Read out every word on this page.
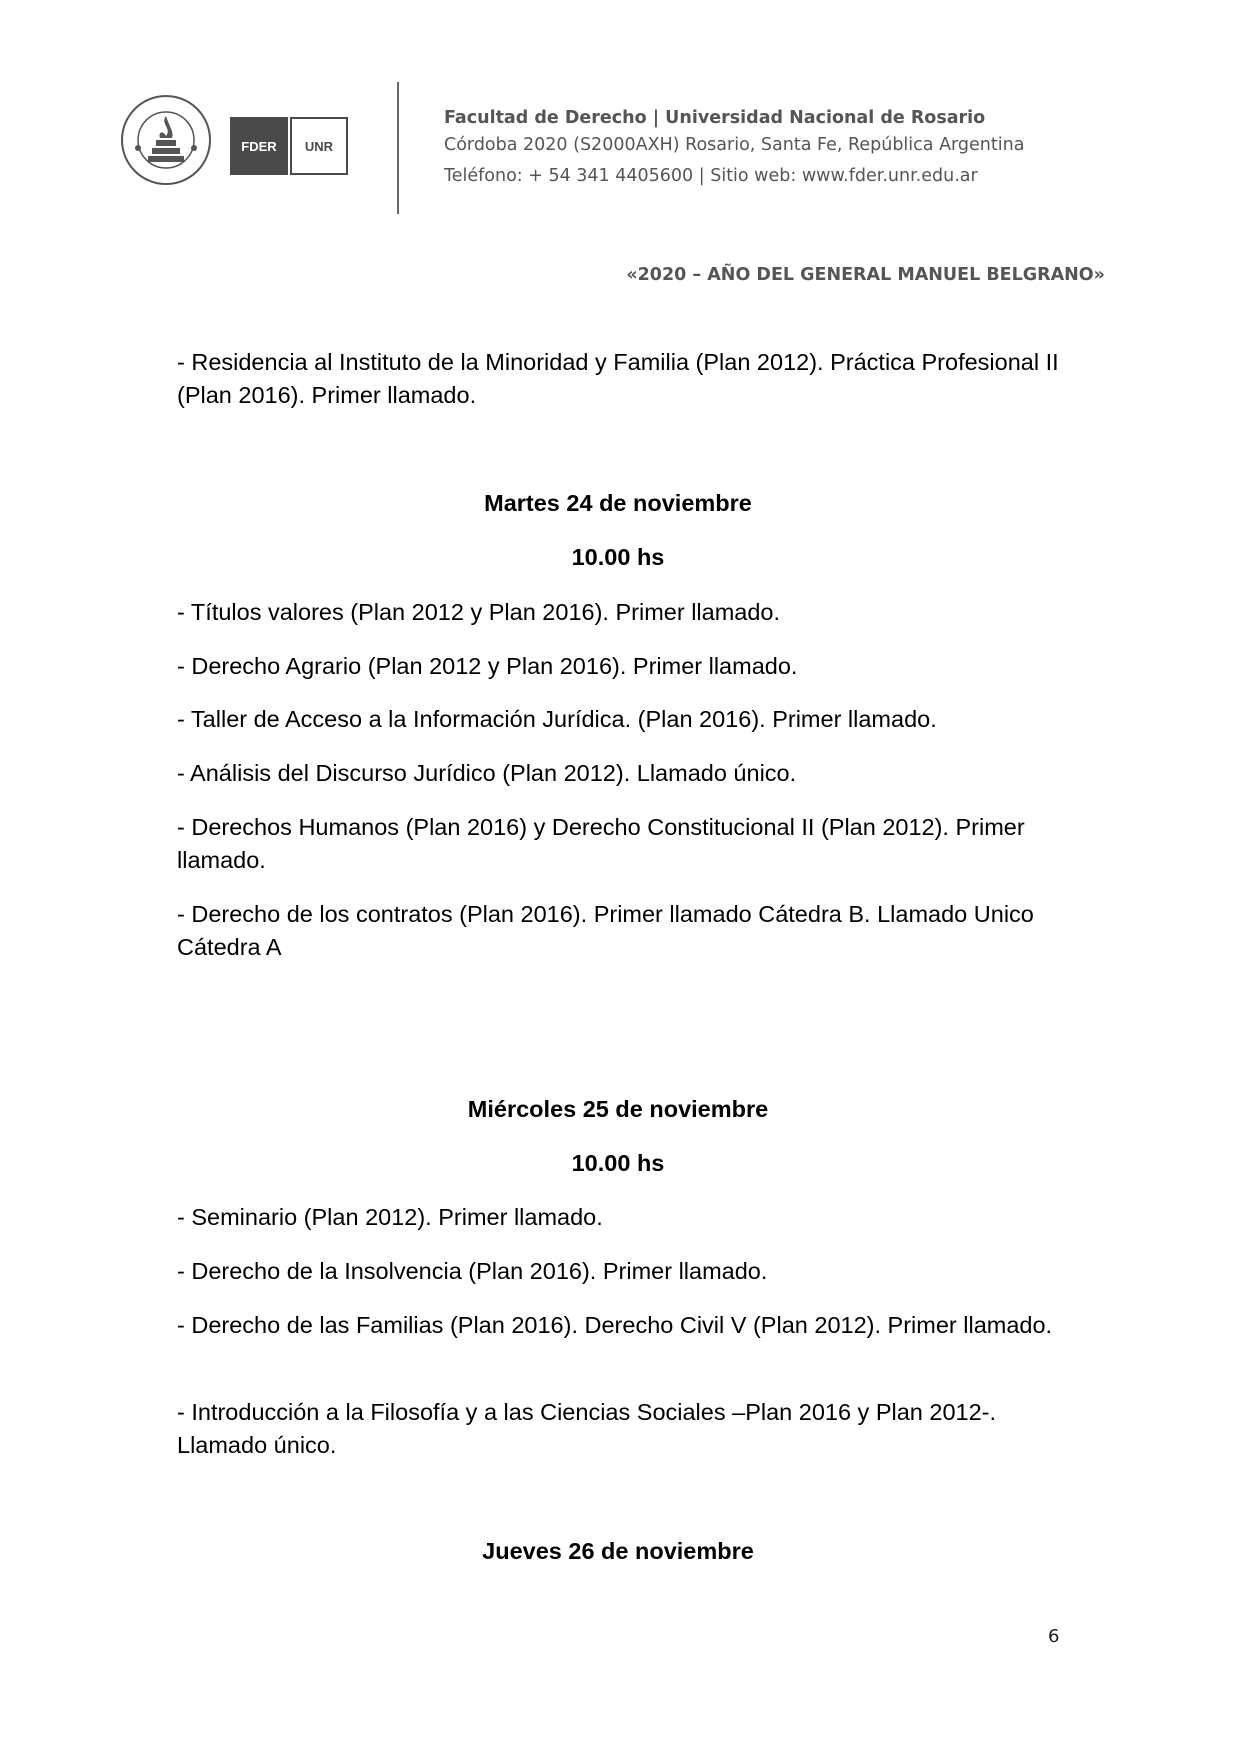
FDER	UNR
Facultad de Derecho | Universidad Nacional de Rosario
Córdoba 2020 (S2000AXH) Rosario, Santa Fe, República Argentina
Teléfono: + 54 341 4405600 | Sitio web: www.fder.unr.edu.ar
«2020 – AÑO DEL GENERAL MANUEL BELGRANO»
- Residencia al Instituto de la Minoridad y Familia (Plan 2012). Práctica Profesional II (Plan 2016). Primer llamado.
Martes 24 de noviembre
10.00 hs
- Títulos valores (Plan 2012 y Plan 2016). Primer llamado.
- Derecho Agrario (Plan 2012 y Plan 2016). Primer llamado.
- Taller de Acceso a la Información Jurídica. (Plan 2016). Primer llamado.
- Análisis del Discurso Jurídico (Plan 2012). Llamado único.
- Derechos Humanos (Plan 2016) y Derecho Constitucional II (Plan 2012). Primer llamado.
- Derecho de los contratos (Plan 2016). Primer llamado Cátedra B. Llamado Unico Cátedra A
Miércoles 25 de noviembre
10.00 hs
- Seminario (Plan 2012). Primer llamado.
- Derecho de la Insolvencia (Plan 2016). Primer llamado.
- Derecho de las Familias (Plan 2016). Derecho Civil V (Plan 2012). Primer llamado.
- Introducción a la Filosofía y a las Ciencias Sociales –Plan 2016 y Plan 2012-. Llamado único.
Jueves 26 de noviembre
6
